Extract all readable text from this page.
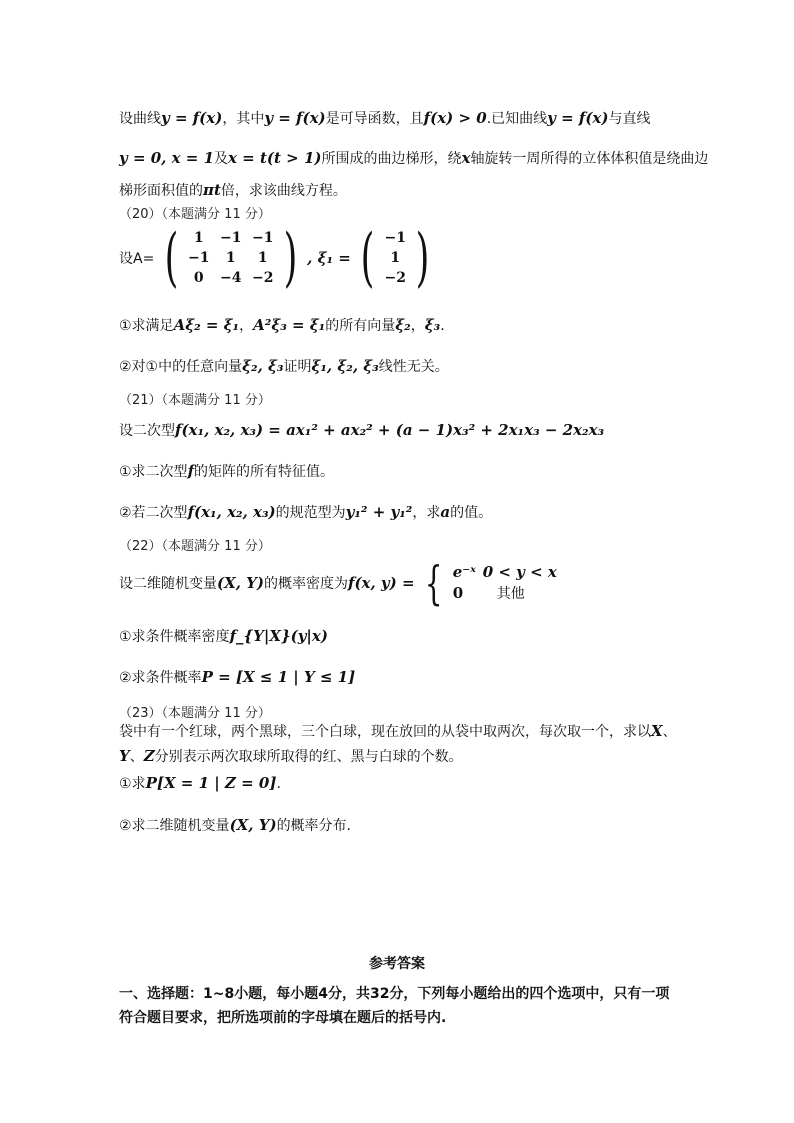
设曲线y = f(x)，其中y = f(x)是可导函数，且f(x) > 0.已知曲线y = f(x)与直线
y = 0, x = 1及x = t(t > 1)所围成的曲边梯形，绕x轴旋转一周所得的立体体积值是绕曲边
梯形面积值的πt倍，求该曲线方程。
（20）（本题满分 11 分）
设A= (	1	−1 −1
−1	1	1
0	−4 −2 ) , ξ₁ = ( −1
1
−2 )
①求满足Aξ₂ = ξ₁，A²ξ₃ = ξ₁的所有向量ξ₂，ξ₃.
②对①中的任意向量ξ₂, ξ₃证明ξ₁, ξ₂, ξ₃线性无关。
（21）（本题满分 11 分）
设二次型f(x₁, x₂, x₃) = ax₁² + ax₂² + (a − 1)x₃² + 2x₁x₃ − 2x₂x₃
①求二次型f的矩阵的所有特征值。
②若二次型f(x₁, x₂, x₃)的规范型为y₁² + y₁²，求a的值。
（22）（本题满分 11 分）
设二维随机变量(X, Y)的概率密度为f(x, y) = { e⁻ˣ 0 < y < x
0 其他
①求条件概率密度f_{Y|X}(y|x)
②求条件概率P = [X ≤ 1 | Y ≤ 1]
（23）（本题满分 11 分）
袋中有一个红球，两个黑球，三个白球，现在放回的从袋中取两次，每次取一个，求以X、
Y、Z分别表示两次取球所取得的红、黑与白球的个数。
①求P[X = 1 | Z = 0].
②求二维随机变量(X, Y)的概率分布.
参考答案
一、选择题：1~8小题，每小题4分，共32分，下列每小题给出的四个选项中，只有一项符合题目要求，把所选项前的字母填在题后的括号内.
